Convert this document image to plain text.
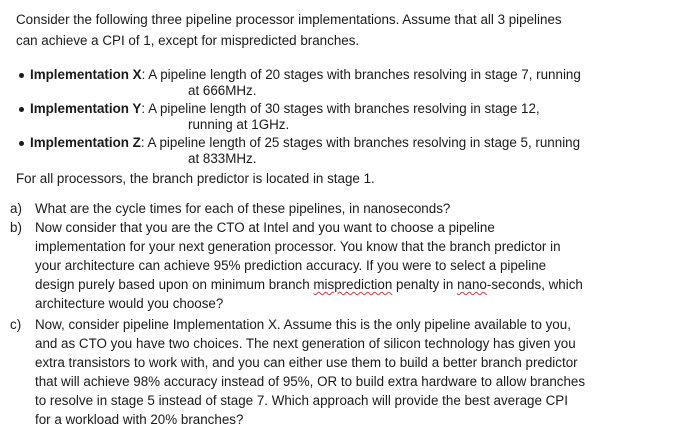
Consider the following three pipeline processor implementations. Assume that all 3 pipelines
can achieve a CPI of 1, except for mispredicted branches.
Implementation X: A pipeline length of 20 stages with branches resolving in stage 7, running
at 666MHz.
Implementation Y: A pipeline length of 30 stages with branches resolving in stage 12,
running at 1GHz.
Implementation Z: A pipeline length of 25 stages with branches resolving in stage 5, running
at 833MHz.
For all processors, the branch predictor is located in stage 1.
a) What are the cycle times for each of these pipelines, in nanoseconds?
b) Now consider that you are the CTO at Intel and you want to choose a pipeline
implementation for your next generation processor. You know that the branch predictor in
your architecture can achieve 95% prediction accuracy. If you were to select a pipeline
design purely based upon on minimum branch misprediction penalty in nano-seconds, which
architecture would you choose?
c) Now, consider pipeline Implementation X. Assume this is the only pipeline available to you,
and as CTO you have two choices. The next generation of silicon technology has given you
extra transistors to work with, and you can either use them to build a better branch predictor
that will achieve 98% accuracy instead of 95%, OR to build extra hardware to allow branches
to resolve in stage 5 instead of stage 7. Which approach will provide the best average CPI
for a workload with 20% branches?
